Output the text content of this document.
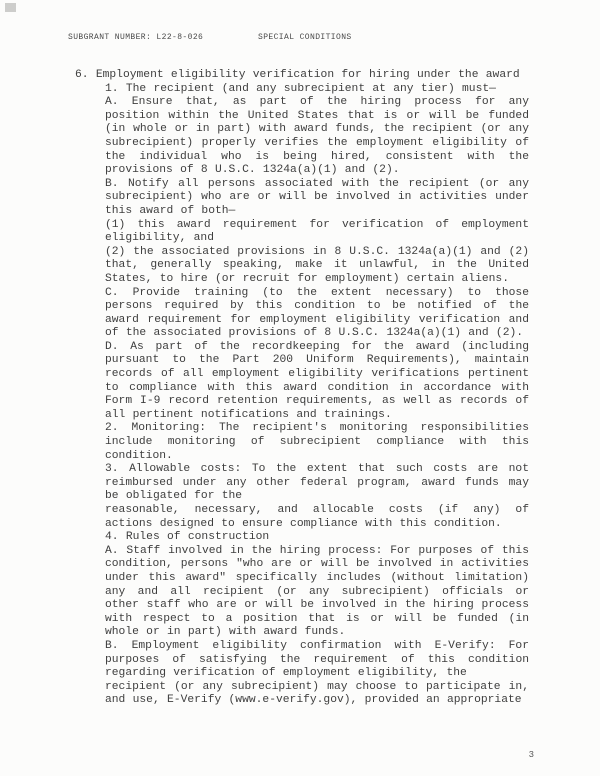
SUBGRANT NUMBER: L22-8-026	SPECIAL CONDITIONS

6. Employment eligibility verification for hiring under the award

1. The recipient (and any subrecipient at any tier) must—

A. Ensure that, as part of the hiring process for any position within the United States that is or will be funded (in whole or in part) with award funds, the recipient (or any subrecipient) properly verifies the employment eligibility of the individual who is being hired, consistent with the provisions of 8 U.S.C. 1324a(a)(1) and (2).

B. Notify all persons associated with the recipient (or any subrecipient) who are or will be involved in activities under this award of both—

(1) this award requirement for verification of employment eligibility, and

(2) the associated provisions in 8 U.S.C. 1324a(a)(1) and (2) that, generally speaking, make it unlawful, in the United States, to hire (or recruit for employment) certain aliens.

C. Provide training (to the extent necessary) to those persons required by this condition to be notified of the award requirement for employment eligibility verification and of the associated provisions of 8 U.S.C. 1324a(a)(1) and (2).

D. As part of the recordkeeping for the award (including pursuant to the Part 200 Uniform Requirements), maintain records of all employment eligibility verifications pertinent to compliance with this award condition in accordance with Form I-9 record retention requirements, as well as records of all pertinent notifications and trainings.

2. Monitoring: The recipient's monitoring responsibilities include monitoring of subrecipient compliance with this condition.

3. Allowable costs: To the extent that such costs are not reimbursed under any other federal program, award funds may be obligated for the

reasonable, necessary, and allocable costs (if any) of actions designed to ensure compliance with this condition.

4. Rules of construction

A. Staff involved in the hiring process: For purposes of this condition, persons "who are or will be involved in activities under this award" specifically includes (without limitation) any and all recipient (or any subrecipient) officials or other staff who are or will be involved in the hiring process with respect to a position that is or will be funded (in whole or in part) with award funds.

B. Employment eligibility confirmation with E-Verify: For purposes of satisfying the requirement of this condition regarding verification of employment eligibility, the

recipient (or any subrecipient) may choose to participate in, and use, E-Verify (www.e-verify.gov), provided an appropriate

3
